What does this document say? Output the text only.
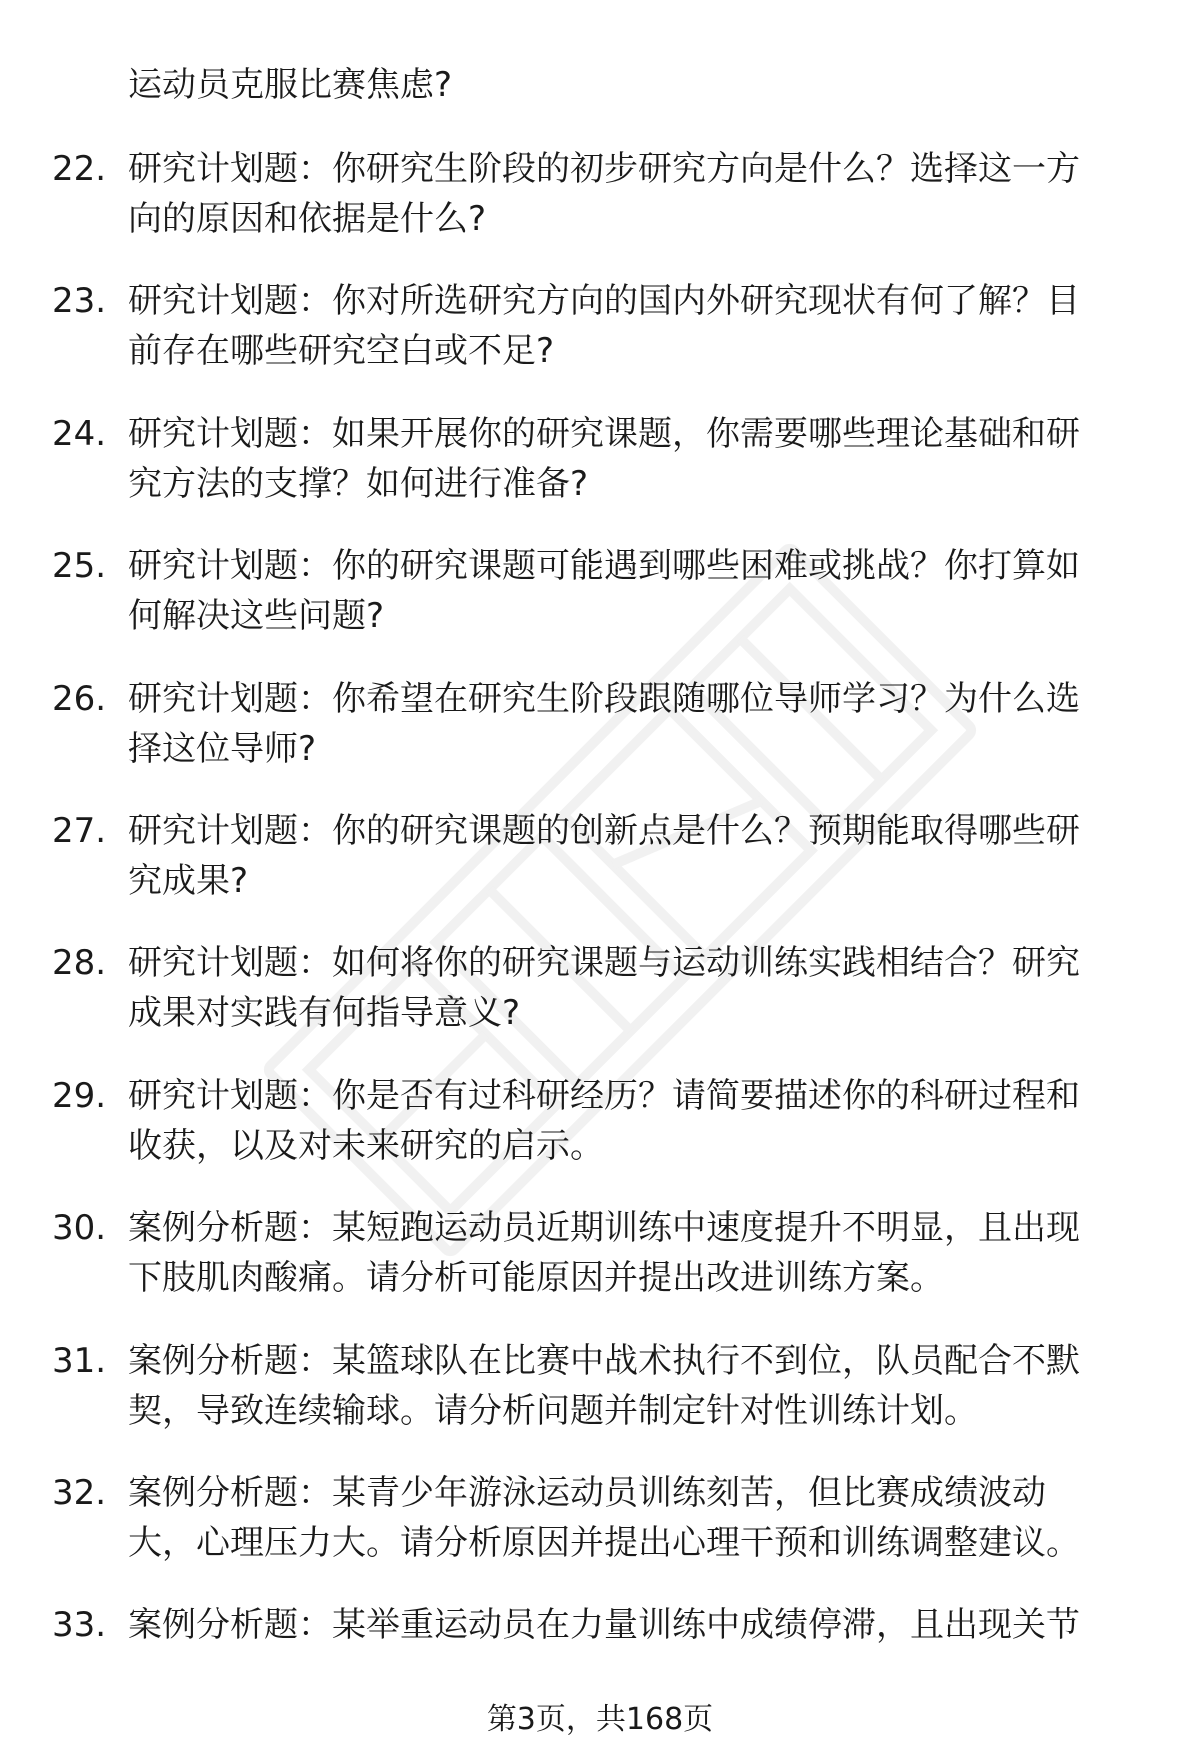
运动员克服比赛焦虑?
22. 研究计划题：你研究生阶段的初步研究方向是什么？选择这一方
向的原因和依据是什么?
23. 研究计划题：你对所选研究方向的国内外研究现状有何了解？目
前存在哪些研究空白或不足?
24. 研究计划题：如果开展你的研究课题，你需要哪些理论基础和研
究方法的支撑？如何进行准备?
25. 研究计划题：你的研究课题可能遇到哪些困难或挑战？你打算如
何解决这些问题?
26. 研究计划题：你希望在研究生阶段跟随哪位导师学习？为什么选
择这位导师?
27. 研究计划题：你的研究课题的创新点是什么？预期能取得哪些研
究成果?
28. 研究计划题：如何将你的研究课题与运动训练实践相结合？研究
成果对实践有何指导意义?
29. 研究计划题：你是否有过科研经历？请简要描述你的科研过程和
收获，以及对未来研究的启示。
30. 案例分析题：某短跑运动员近期训练中速度提升不明显，且出现
下肢肌肉酸痛。请分析可能原因并提出改进训练方案。
31. 案例分析题：某篮球队在比赛中战术执行不到位，队员配合不默
契，导致连续输球。请分析问题并制定针对性训练计划。
32. 案例分析题：某青少年游泳运动员训练刻苦，但比赛成绩波动
大，心理压力大。请分析原因并提出心理干预和训练调整建议。
33. 案例分析题：某举重运动员在力量训练中成绩停滞，且出现关节
第3页，共168页
